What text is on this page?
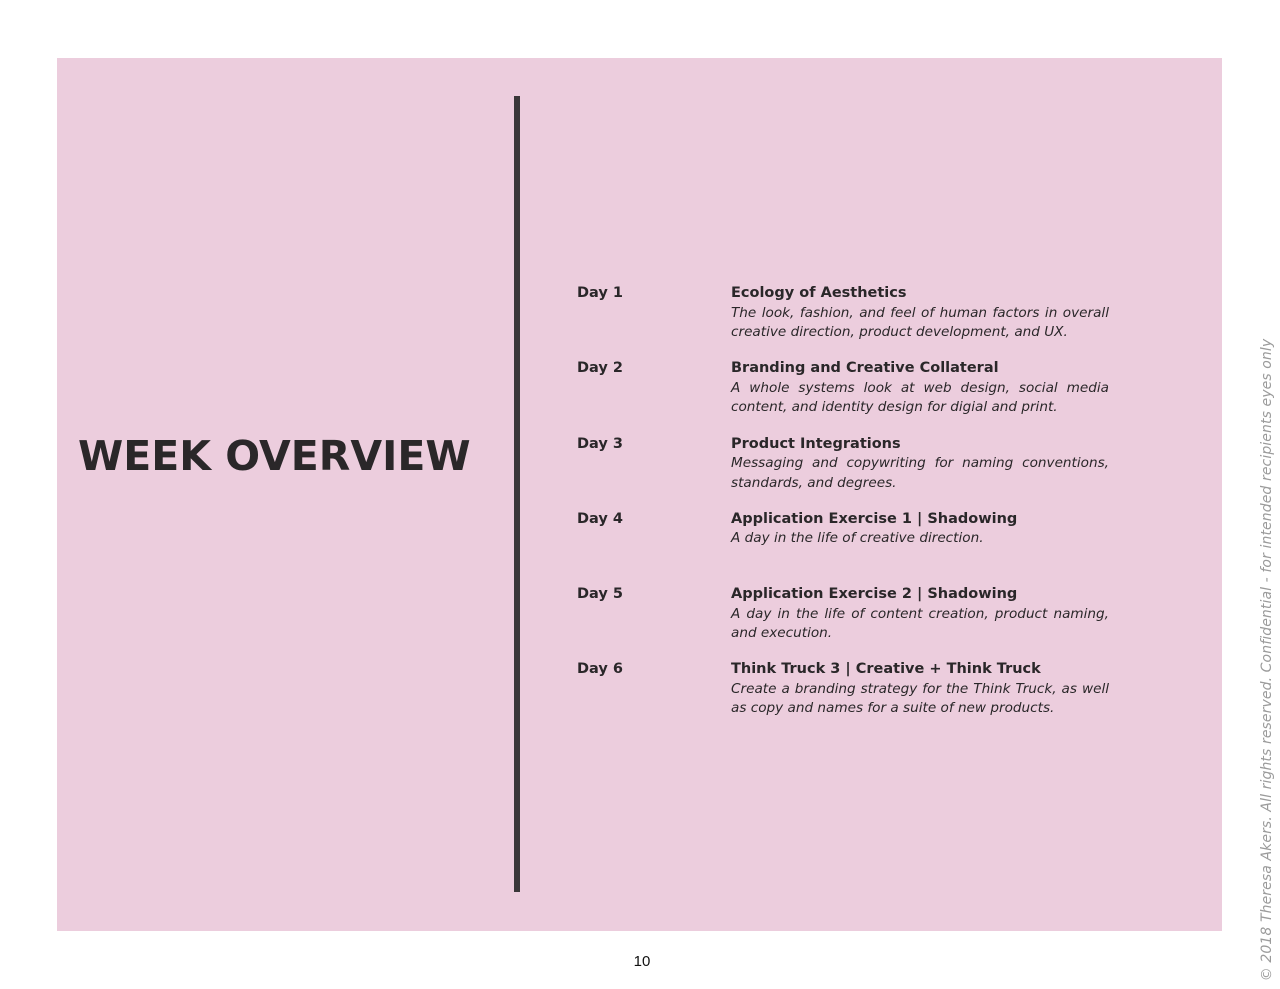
WEEK OVERVIEW
Day 1	Ecology of Aesthetics
The look, fashion, and feel of human factors in overall creative direction, product development, and UX.
Day 2	Branding and Creative Collateral
A whole systems look at web design, social media content, and identity design for digial and print.
Day 3	Product Integrations
Messaging and copywriting for naming conventions, standards, and degrees.
Day 4	Application Exercise 1 | Shadowing
A day in the life of creative direction.
Day 5	Application Exercise 2 | Shadowing
A day in the life of content creation, product naming, and execution.
Day 6	Think Truck 3 | Creative + Think Truck
Create a branding strategy for the Think Truck, as well as copy and names for a suite of new products.
10	© 2018 Theresa Akers. All rights reserved. Confidential - for intended recipients eyes only
